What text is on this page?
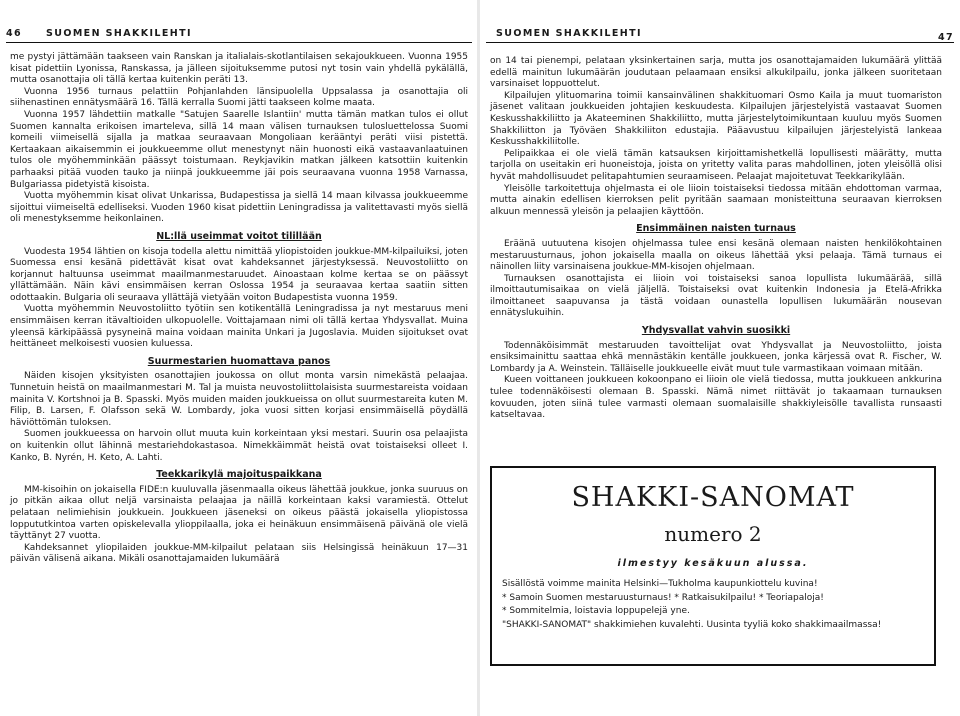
46	SUOMEN SHAKKILEHTI

me pystyi jättämään taakseen vain Ranskan ja italialais-skotlantilaisen sekajoukkueen. Vuonna 1955 kisat pidettiin Lyonissa, Ranskassa, ja jälleen sijoituksemme putosi nyt tosin vain yhdellä pykälällä, mutta osanottajia oli tällä kertaa kuitenkin peräti 13.

Vuonna 1956 turnaus pelattiin Pohjanlahden länsipuolella Uppsalassa ja osanottajia oli siihenastinen ennätysmäärä 16. Tällä kerralla Suomi jätti taakseen kolme maata.

Vuonna 1957 lähdettiin matkalle "Satujen Saarelle Islantiin' mutta tämän matkan tulos ei ollut Suomen kannalta erikoisen imarteleva, sillä 14 maan välisen turnauksen tulosluettelossa Suomi komeili viimeisellä sijalla ja matkaa seuraavaan Mongoliaan kerääntyi peräti viisi pistettä. Kertaakaan aikaisemmin ei joukkueemme ollut menestynyt näin huonosti eikä vastaavanlaatuinen tulos ole myöhemminkään päässyt toistumaan. Reykjavikin matkan jälkeen katsottiin kuitenkin parhaaksi pitää vuoden tauko ja niinpä joukkueemme jäi pois seuraavana vuonna 1958 Varnassa, Bulgariassa pidetyistä kisoista.

Vuotta myöhemmin kisat olivat Unkarissa, Budapestissa ja siellä 14 maan kilvassa joukkueemme sijoittui viimeiseltä edelliseksi. Vuoden 1960 kisat pidettiin Leningradissa ja valitettavasti myös siellä oli menestyksemme heikonlainen.

NL:llä useimmat voitot tilillään

Vuodesta 1954 lähtien on kisoja todella alettu nimittää yliopistoiden joukkue-MM-kilpailuiksi, joten Suomessa ensi kesänä pidettävät kisat ovat kahdeksannet järjestyksessä. Neuvostoliitto on korjannut haltuunsa useimmat maailmanmestaruudet. Ainoastaan kolme kertaa se on päässyt yllättämään. Näin kävi ensimmäisen kerran Oslossa 1954 ja seuraavaa kertaa saatiin sitten odottaakin. Bulgaria oli seuraava yllättäjä vietyään voiton Budapestista vuonna 1959.

Vuotta myöhemmin Neuvostoliitto työtiin sen kotikentällä Leningradissa ja nyt mestaruus meni ensimmäisen kerran itävaltioiden ulkopuolelle. Voittajamaan nimi oli tällä kertaa Yhdysvallat. Muina yleensä kärkipäässä pysyneinä maina voidaan mainita Unkari ja Jugoslavia. Muiden sijoitukset ovat heittäneet melkoisesti vuosien kuluessa.

Suurmestarien huomattava panos

Näiden kisojen yksityisten osanottajien joukossa on ollut monta varsin nimekästä pelaajaa. Tunnetuin heistä on maailmanmestari M. Tal ja muista neuvostoliittolaisista suurmestareista voidaan mainita V. Kortshnoi ja B. Spasski. Myös muiden maiden joukkueissa on ollut suurmestareita kuten M. Filip, B. Larsen, F. Olafsson sekä W. Lombardy, joka vuosi sitten korjasi ensimmäisellä pöydällä häviöttömän tuloksen.

Suomen joukkueessa on harvoin ollut muuta kuin korkeintaan yksi mestari. Suurin osa pelaajista on kuitenkin ollut lähinnä mestariehdokastasoa. Nimekkäimmät heistä ovat toistaiseksi olleet I. Kanko, B. Nyrén, H. Keto, A. Lahti.

Teekkarikylä majoituspaikkana

MM-kisoihin on jokaisella FIDE:n kuuluvalla jäsenmaalla oikeus lähettää joukkue, jonka suuruus on jo pitkän aikaa ollut neljä varsinaista pelaajaa ja näillä korkeintaan kaksi varamiestä. Ottelut pelataan nelimiehisin joukkuein. Joukkueen jäseneksi on oikeus päästä jokaisella yliopistossa loppututkintoa varten opiskelevalla ylioppilaalla, joka ei heinäkuun ensimmäisenä päivänä ole vielä täyttänyt 27 vuotta.

Kahdeksannet yliopilaiden joukkue-MM-kilpailut pelataan siis Helsingissä heinäkuun 17—31 päivän välisenä aikana. Mikäli osanottajamaiden lukumäärä

SUOMEN SHAKKILEHTI	47

on 14 tai pienempi, pelataan yksinkertainen sarja, mutta jos osanottajamaiden lukumäärä ylittää edellä mainitun lukumäärän joudutaan pelaamaan ensiksi alkukilpailu, jonka jälkeen suoritetaan varsinaiset loppuottelut.

Kilpailujen ylituomarina toimii kansainvälinen shakkituomari Osmo Kaila ja muut tuomariston jäsenet valitaan joukkueiden johtajien keskuudesta. Kilpailujen järjestelyistä vastaavat Suomen Keskusshakkiliitto ja Akateeminen Shakkiliitto, mutta järjestelytoimikuntaan kuuluu myös Suomen Shakkiliitton ja Työväen Shakkiliiton edustajia. Pääavustuu kilpailujen järjestelyistä lankeaa Keskusshakkiliitolle.

Pelipaikkaa ei ole vielä tämän katsauksen kirjoittamishetkellä lopullisesti määrätty, mutta tarjolla on useitakin eri huoneistoja, joista on yritetty valita paras mahdollinen, joten yleisöllä olisi hyvät mahdollisuudet pelitapahtumien seuraamiseen. Pelaajat majoitetuvat Teekkarikylään.

Yleisölle tarkoitettuja ohjelmasta ei ole liioin toistaiseksi tiedossa mitään ehdottoman varmaa, mutta ainakin edellisen kierroksen pelit pyritään saamaan monisteittuna seuraavan kierroksen alkuun mennessä yleisön ja pelaajien käyttöön.

Ensimmäinen naisten turnaus

Eräänä uutuutena kisojen ohjelmassa tulee ensi kesänä olemaan naisten henkilökohtainen mestaruusturnaus, johon jokaisella maalla on oikeus lähettää yksi pelaaja. Tämä turnaus ei näinollen liity varsinaisena joukkue-MM-kisojen ohjelmaan.

Turnauksen osanottajista ei liioin voi toistaiseksi sanoa lopullista lukumäärää, sillä ilmoittautumisaikaa on vielä jäljellä. Toistaiseksi ovat kuitenkin Indonesia ja Etelä-Afrikka ilmoittaneet saapuvansa ja tästä voidaan ounastella lopullisen lukumäärän nousevan ennätyslukuihin.

Yhdysvallat vahvin suosikki

Todennäköisimmät mestaruuden tavoittelijat ovat Yhdysvallat ja Neuvostoliitto, joista ensiksimainittu saattaa ehkä mennästäkin kentälle joukkueen, jonka kärjessä ovat R. Fischer, W. Lombardy ja A. Weinstein. Tälläiselle joukkueelle eivät muut tule varmastikaan voimaan mitään.

Kueen voittaneen joukkueen kokoonpano ei liioin ole vielä tiedossa, mutta joukkueen ankkurina tulee todennäköisesti olemaan B. Spasski. Nämä nimet riittävät jo takaamaan turnauksen kovuuden, joten siinä tulee varmasti olemaan suomalaisille shakkiyleisölle tavallista runsaasti katseltavaa.

SHAKKI-SANOMAT
numero 2
ilmestyy kesäkuun alussa.

Sisällöstä voimme mainita Helsinki—Tukholma kaupunkiottelu kuvina!

* Samoin Suomen mestaruusturnaus! * Ratkaisukilpailu! * Teoriapaloja!

* Sommitelmia, loistavia loppupelejä yne.

"SHAKKI-SANOMAT" shakkimiehen kuvalehti. Uusinta tyyliä koko shakkimaailmassa!
